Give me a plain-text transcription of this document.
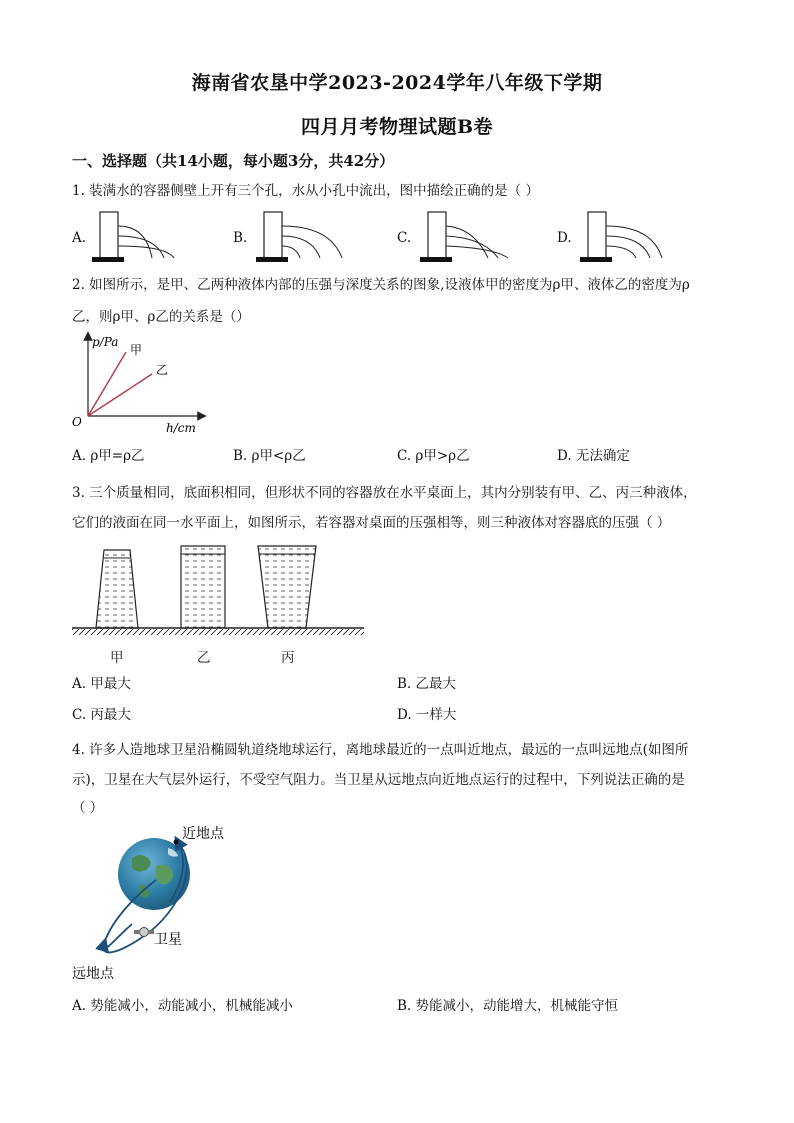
海南省农垦中学2023-2024学年八年级下学期
四月月考物理试题B卷
一、选择题（共14小题，每小题3分，共42分）
1. 装满水的容器侧壁上开有三个孔，水从小孔中流出，图中描绘正确的是（ ）
A.	B.	C.	D.
2. 如图所示，是甲、乙两种液体内部的压强与深度关系的图象,设液体甲的密度为ρ甲、液体乙的密度为ρ
乙，则ρ甲、ρ乙的关系是（）
p/Pa
甲
乙
O	h/cm
A. ρ甲=ρ乙	B. ρ甲<ρ乙	C. ρ甲>ρ乙	D. 无法确定
3. 三个质量相同，底面积相同，但形状不同的容器放在水平桌面上，其内分别装有甲、乙、丙三种液体，
它们的液面在同一水平面上，如图所示，若容器对桌面的压强相等，则三种液体对容器底的压强（ ）
甲	乙	丙
A. 甲最大	B. 乙最大
C. 丙最大	D. 一样大
4. 许多人造地球卫星沿椭圆轨道绕地球运行，离地球最近的一点叫近地点，最远的一点叫远地点(如图所
示)，卫星在大气层外运行，不受空气阻力。当卫星从远地点向近地点运行的过程中，下列说法正确的是
（ ）
近地点
卫星
远地点
A. 势能减小，动能减小，机械能减小	B. 势能减小，动能增大，机械能守恒
